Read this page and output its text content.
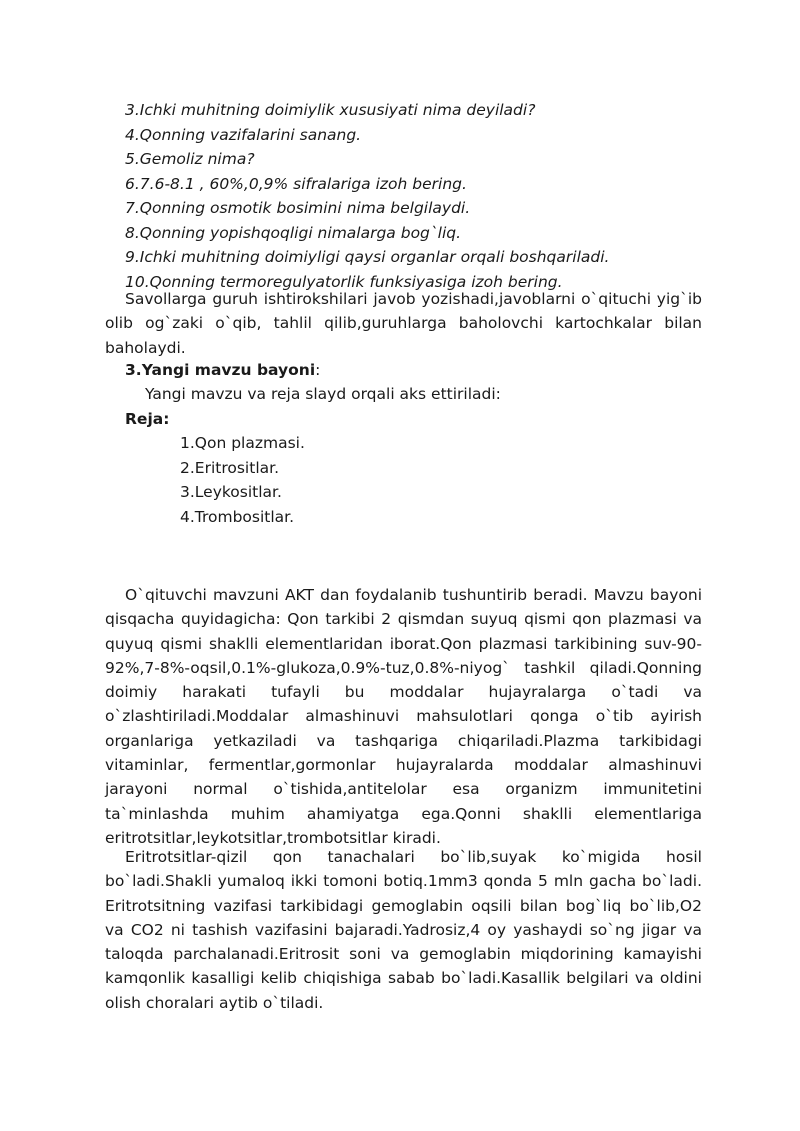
3.Ichki muhitning doimiylik xususiyati nima deyiladi?
4.Qonning vazifalarini sanang.
5.Gemoliz nima?
6.7.6-8.1 , 60%,0,9% sifralariga izoh bering.
7.Qonning osmotik bosimini nima belgilaydi.
8.Qonning yopishqoqligi nimalarga bog`liq.
9.Ichki muhitning doimiyligi qaysi organlar orqali boshqariladi.
10.Qonning termoregulyatorlik funksiyasiga izoh bering.
Savollarga guruh ishtirokshilari javob yozishadi,javoblarni o`qituchi yig`ib olib og`zaki o`qib, tahlil qilib,guruhlarga baholovchi kartochkalar bilan baholaydi.
3.Yangi mavzu bayoni:
Yangi mavzu va reja slayd orqali aks ettiriladi:
Reja:
1.Qon plazmasi.
2.Eritrositlar.
3.Leykositlar.
4.Trombositlar.
O`qituvchi mavzuni AKT dan foydalanib tushuntirib beradi. Mavzu bayoni qisqacha quyidagicha: Qon tarkibi 2 qismdan suyuq qismi qon plazmasi va quyuq qismi shaklli elementlaridan iborat.Qon plazmasi tarkibining suv-90-92%,7-8%-oqsil,0.1%-glukoza,0.9%-tuz,0.8%-niyog` tashkil qiladi.Qonning doimiy harakati tufayli bu moddalar hujayralarga o`tadi va o`zlashtiriladi.Moddalar almashinuvi mahsulotlari qonga o`tib ayirish organlariga yetkaziladi va tashqariga chiqariladi.Plazma tarkibidagi vitaminlar, fermentlar,gormonlar hujayralarda moddalar almashinuvi jarayoni normal o`tishida,antitelolar esa organizm immunitetini ta`minlashda muhim ahamiyatga ega.Qonni shaklli elementlariga eritrotsitlar,leykotsitlar,trombotsitlar kiradi.
Eritrotsitlar-qizil qon tanachalari bo`lib,suyak ko`migida hosil bo`ladi.Shakli yumaloq ikki tomoni botiq.1mm3 qonda 5 mln gacha bo`ladi. Eritrotsitning vazifasi tarkibidagi gemoglabin oqsili bilan bog`liq bo`lib,O2 va CO2 ni tashish vazifasini bajaradi.Yadrosiz,4 oy yashaydi so`ng jigar va taloqda parchalanadi.Eritrosit soni va gemoglabin miqdorining kamayishi kamqonlik kasalligi kelib chiqishiga sabab bo`ladi.Kasallik belgilari va oldini olish choralari aytib o`tiladi.
